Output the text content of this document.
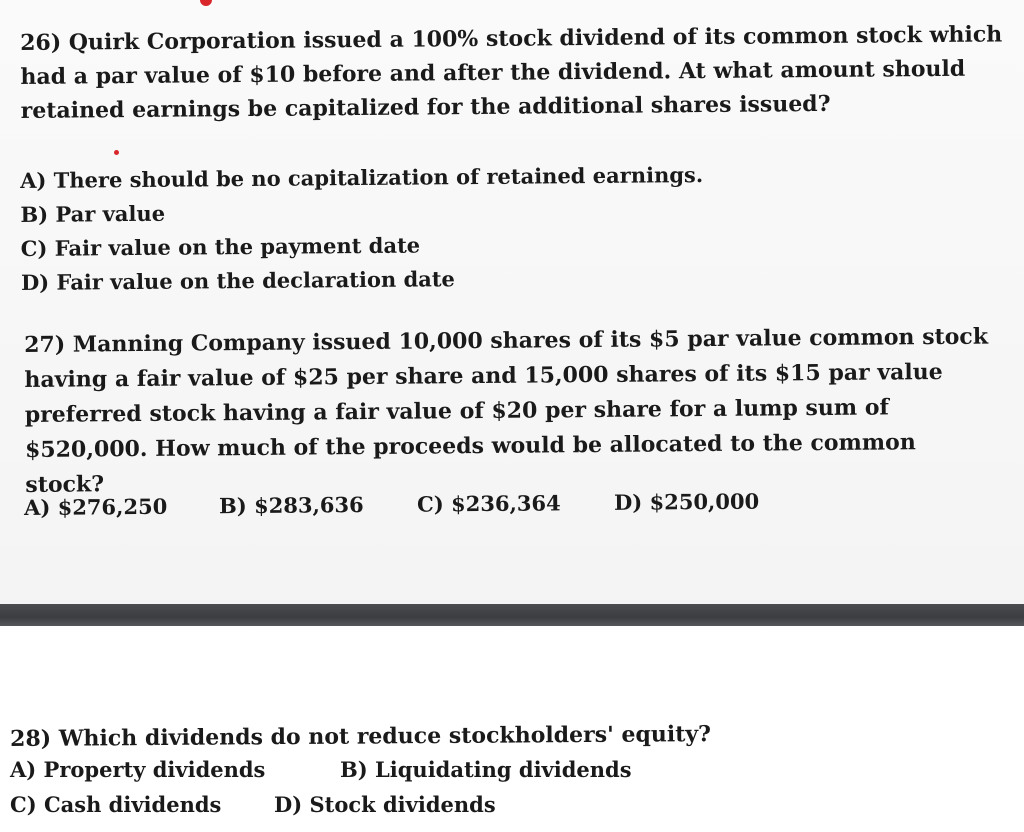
26) Quirk Corporation issued a 100% stock dividend of its common stock which had a par value of $10 before and after the dividend. At what amount should retained earnings be capitalized for the additional shares issued?

A) There should be no capitalization of retained earnings.
B) Par value
C) Fair value on the payment date
D) Fair value on the declaration date

27) Manning Company issued 10,000 shares of its $5 par value common stock having a fair value of $25 per share and 15,000 shares of its $15 par value preferred stock having a fair value of $20 per share for a lump sum of $520,000. How much of the proceeds would be allocated to the common stock?

A) $276,250 B) $283,636	C) $236,364	D) $250,000

28) Which dividends do not reduce stockholders' equity?

A) Property dividends	B) Liquidating dividends
C) Cash dividends	D) Stock dividends
